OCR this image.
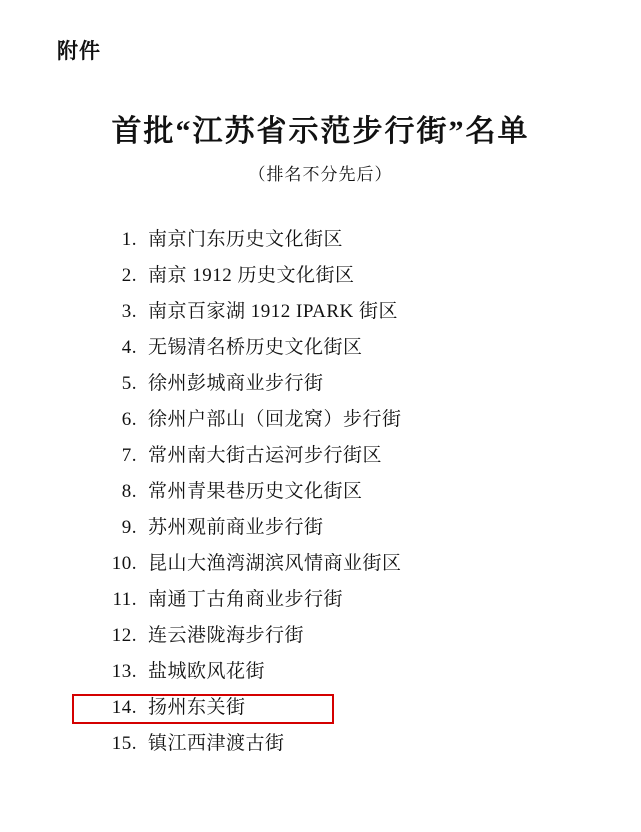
附件
首批“江苏省示范步行街”名单
（排名不分先后）
1. 南京门东历史文化街区
2. 南京 1912 历史文化街区
3. 南京百家湖 1912 IPARK 街区
4. 无锡清名桥历史文化街区
5. 徐州彭城商业步行街
6. 徐州户部山（回龙窝）步行街
7. 常州南大街古运河步行街区
8. 常州青果巷历史文化街区
9. 苏州观前商业步行街
10. 昆山大渔湾湖滨风情商业街区
11. 南通丁古角商业步行街
12. 连云港陇海步行街
13. 盐城欧风花街
14. 扬州东关街
15. 镇江西津渡古街
